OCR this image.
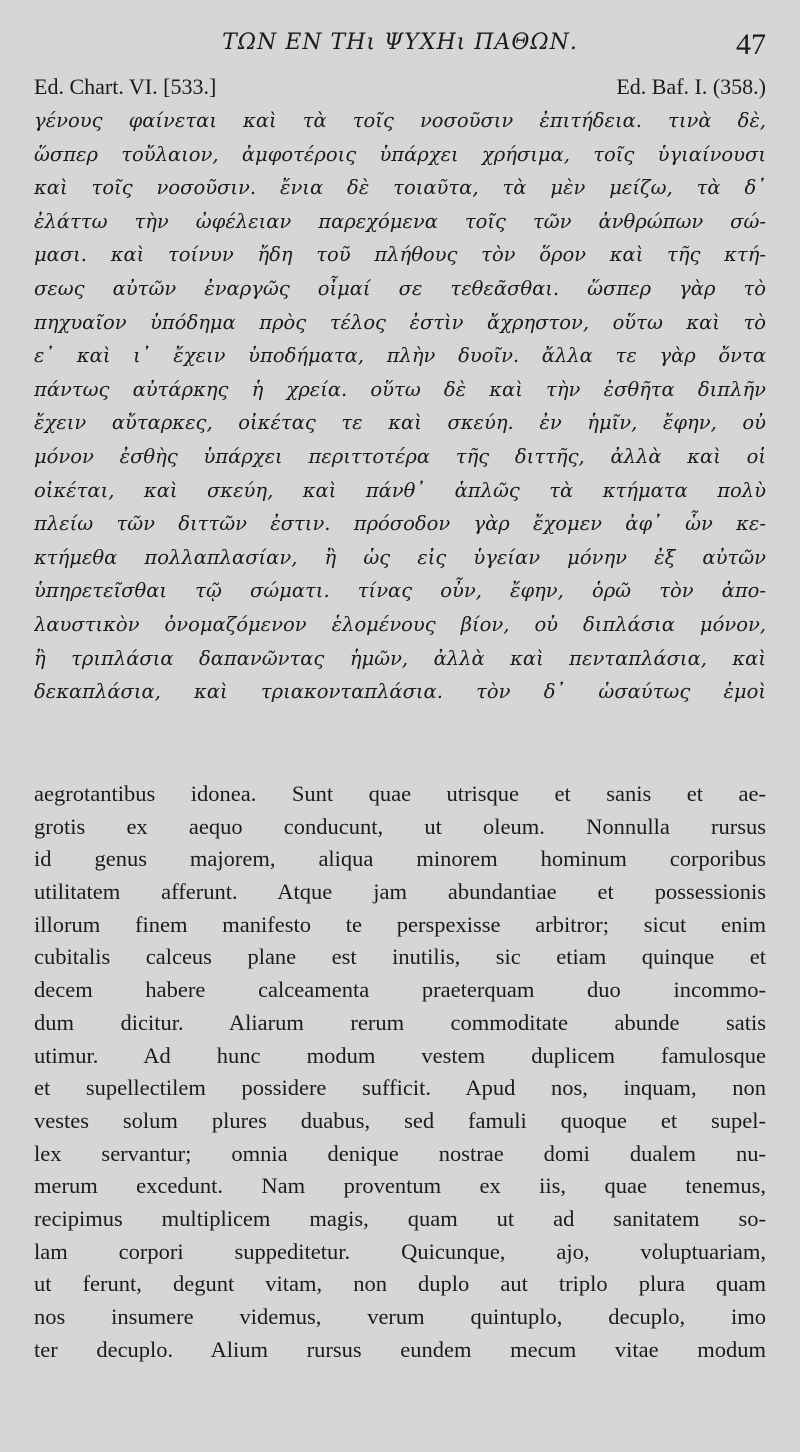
ΤΩΝ ΕΝ ΤΗι ΨΥΧΗι ΠΑΘΩΝ.	47
Ed. Chart. VI. [533.]	Ed. Baf. I. (358.)
γένους φαίνεται καὶ τὰ τοῖς νοσοῦσιν ἐπιτήδεια. τινὰ δὲ,
ὥσπερ τοὔλαιον, ἀμφοτέροις ὑπάρχει χρήσιμα, τοῖς ὑγιαίνουσι
καὶ τοῖς νοσοῦσιν. ἔνια δὲ τοιαῦτα, τὰ μὲν μείζω, τὰ δ᾽
ἐλάττω τὴν ὠφέλειαν παρεχόμενα τοῖς τῶν ἀνθρώπων σώ-
μασι. καὶ τοίνυν ἤδη τοῦ πλήθους τὸν ὅρον καὶ τῆς κτή-
σεως αὐτῶν ἐναργῶς οἶμαί σε τεθεᾶσθαι. ὥσπερ γὰρ τὸ
πηχυαῖον ὑπόδημα πρὸς τέλος ἐστὶν ἄχρηστον, οὕτω καὶ τὸ
ε᾽ καὶ ι᾽ ἔχειν ὑποδήματα, πλὴν δυοῖν. ἄλλα τε γὰρ ὄντα
πάντως αὐτάρκης ἡ χρεία. οὕτω δὲ καὶ τὴν ἐσθῆτα διπλῆν
ἔχειν αὔταρκες, οἰκέτας τε καὶ σκεύη. ἐν ἡμῖν, ἔφην, οὐ
μόνον ἐσθὴς ὑπάρχει περιττοτέρα τῆς διττῆς, ἀλλὰ καὶ οἱ
οἰκέται, καὶ σκεύη, καὶ πάνθ᾽ ἁπλῶς τὰ κτήματα πολὺ
πλείω τῶν διττῶν ἐστιν. πρόσοδον γὰρ ἔχομεν ἀφ᾽ ὧν κε-
κτήμεθα πολλαπλασίαν, ἢ ὡς εἰς ὑγείαν μόνην ἐξ αὐτῶν
ὑπηρετεῖσθαι τῷ σώματι. τίνας οὖν, ἔφην, ὁρῶ τὸν ἀπο-
λαυστικὸν ὀνομαζόμενον ἑλομένους βίον, οὐ διπλάσια μόνον,
ἢ τριπλάσια δαπανῶντας ἡμῶν, ἀλλὰ καὶ πενταπλάσια, καὶ
δεκαπλάσια, καὶ τριακονταπλάσια. τὸν δ᾽ ὡσαύτως ἐμοὶ
aegrotantibus idonea. Sunt quae utrisque et sanis et ae-
grotis ex aequo conducunt, ut oleum. Nonnulla rursus
id genus majorem, aliqua minorem hominum corporibus
utilitatem afferunt. Atque jam abundantiae et possessionis
illorum finem manifesto te perspexisse arbitror; sicut enim
cubitalis calceus plane est inutilis, sic etiam quinque et
decem habere calceamenta praeterquam duo incommo-
dum dicitur. Aliarum rerum commoditate abunde satis
utimur. Ad hunc modum vestem duplicem famulosque
et supellectilem possidere sufficit. Apud nos, inquam, non
vestes solum plures duabus, sed famuli quoque et supel-
lex servantur; omnia denique nostrae domi dualem nu-
merum excedunt. Nam proventum ex iis, quae tenemus,
recipimus multiplicem magis, quam ut ad sanitatem so-
lam corpori suppeditetur. Quicunque, ajo, voluptuariam,
ut ferunt, degunt vitam, non duplo aut triplo plura quam
nos insumere videmus, verum quintuplo, decuplo, imo
ter decuplo. Alium rursus eundem mecum vitae modum
